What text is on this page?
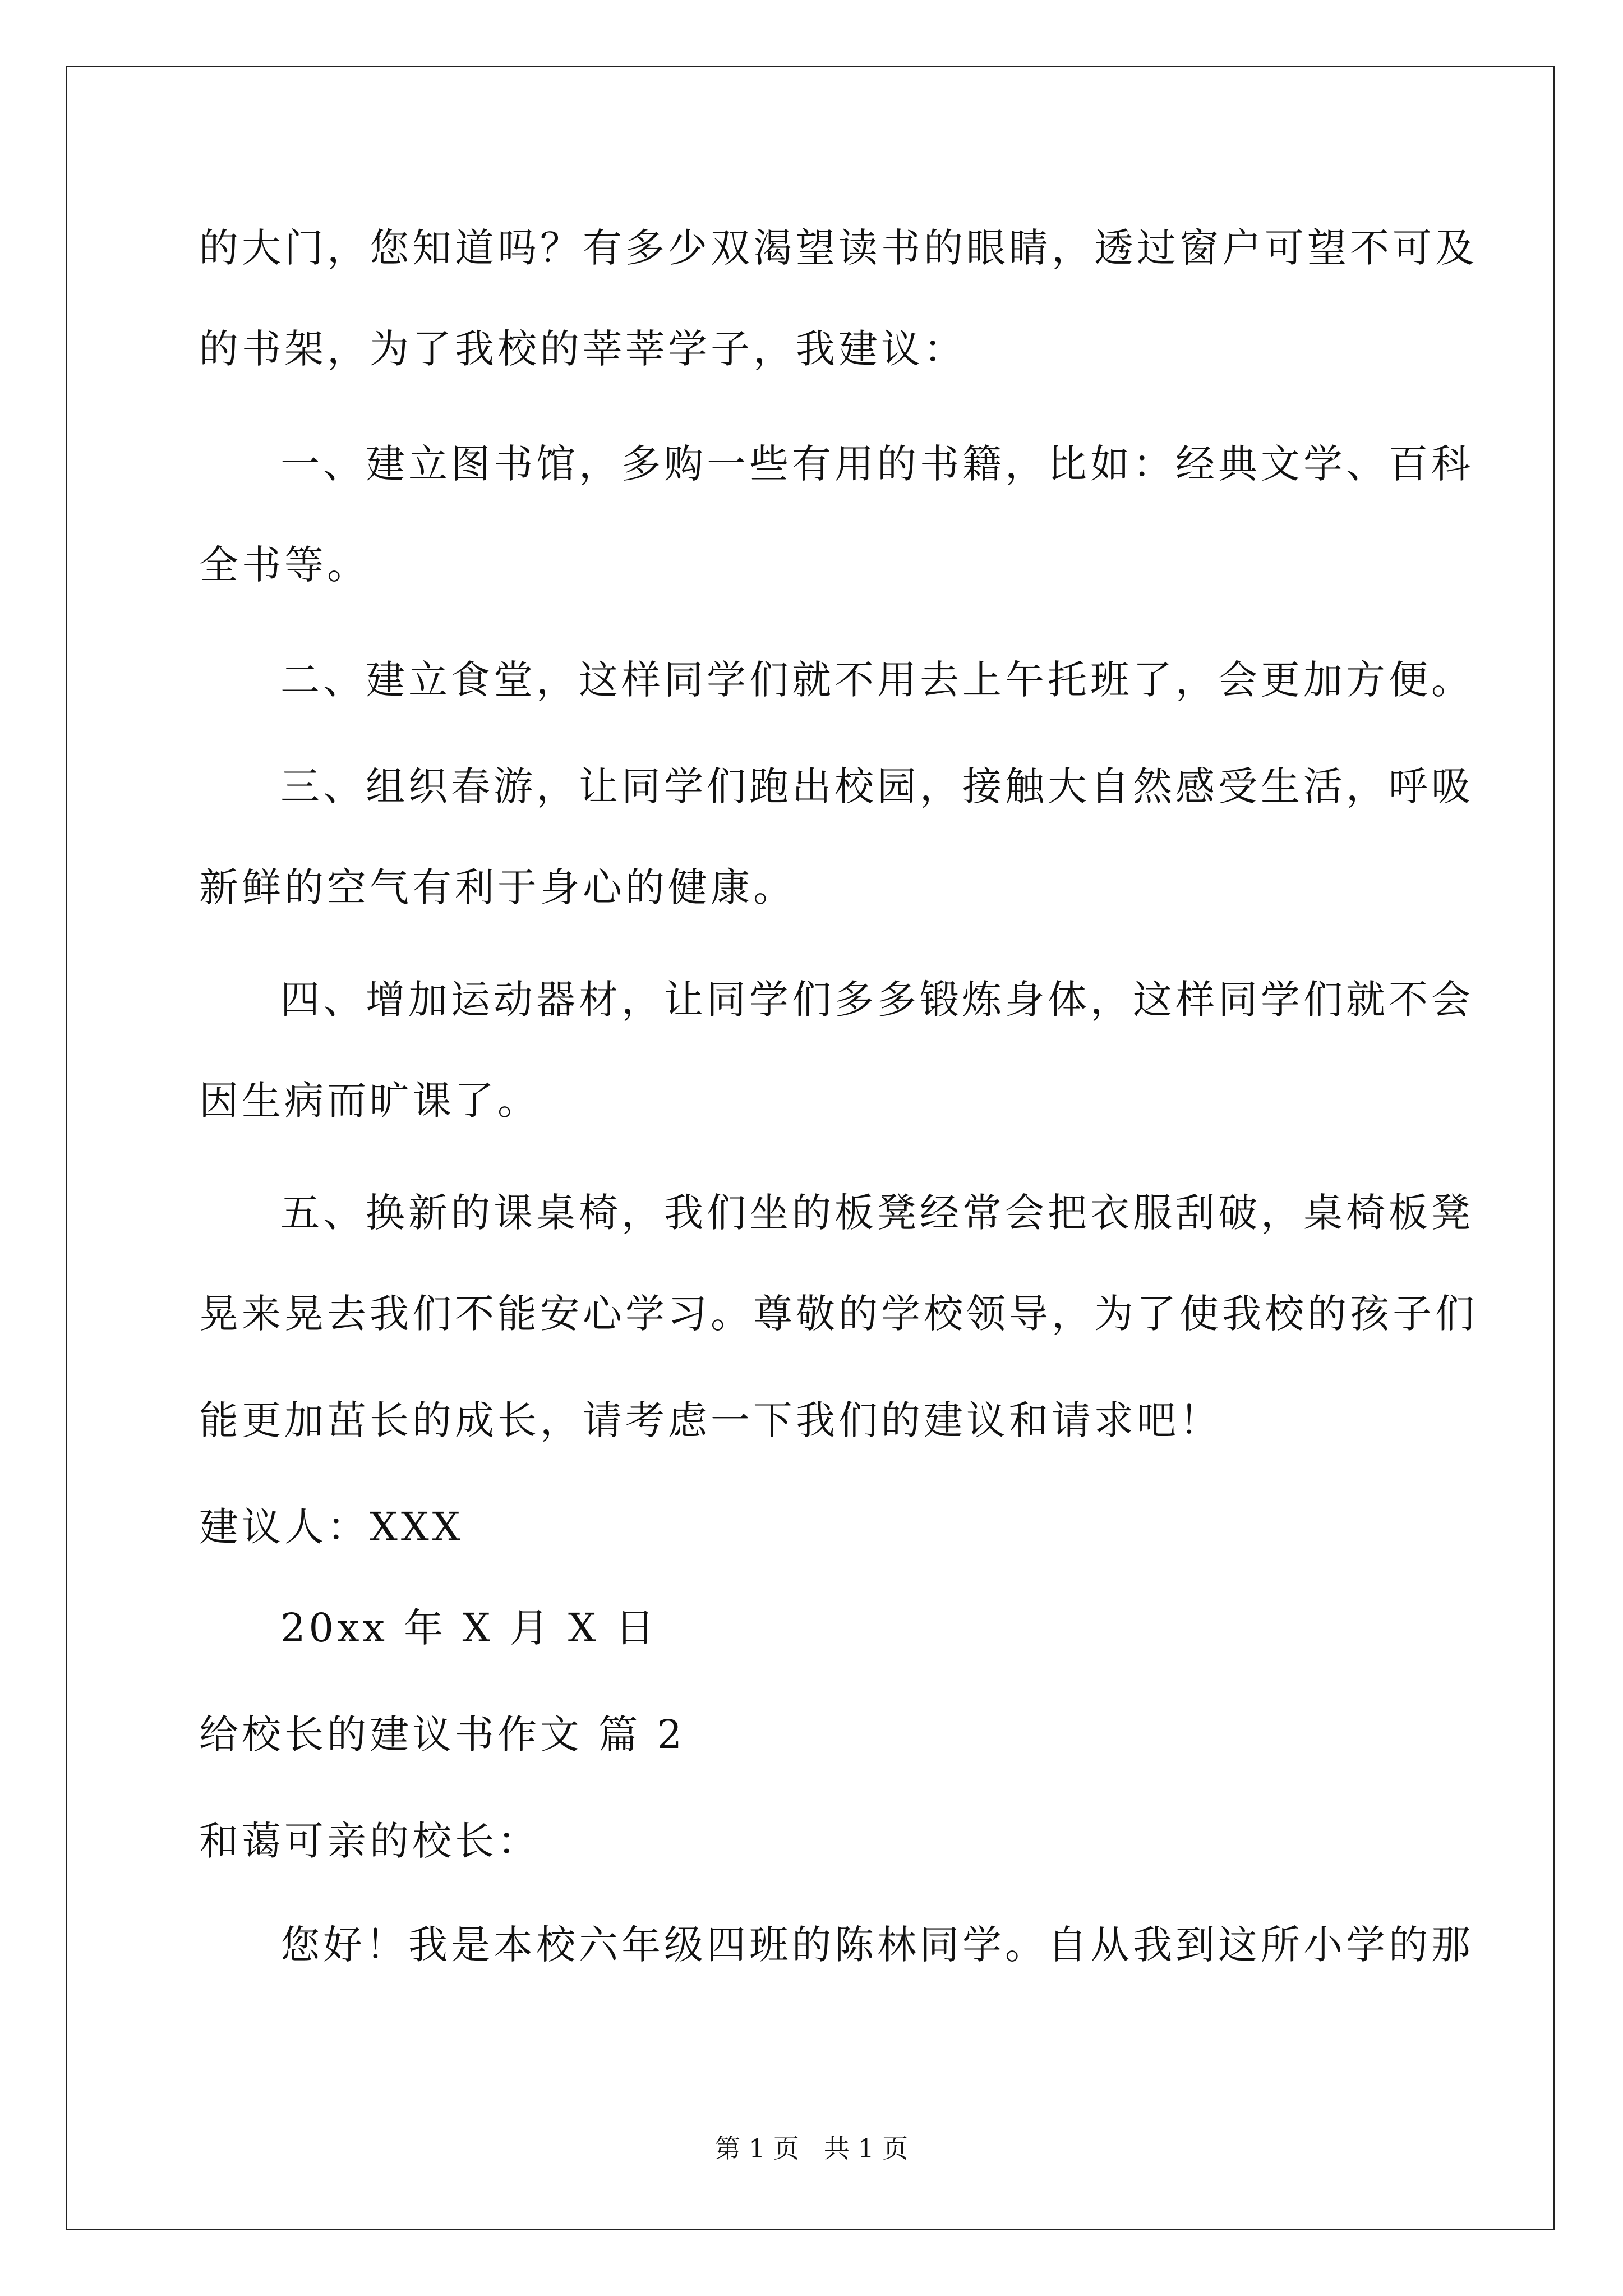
的大门，您知道吗？有多少双渴望读书的眼睛，透过窗户可望不可及
的书架，为了我校的莘莘学子，我建议：
一、建立图书馆，多购一些有用的书籍，比如：经典文学、百科
全书等。
二、建立食堂，这样同学们就不用去上午托班了，会更加方便。
三、组织春游，让同学们跑出校园，接触大自然感受生活，呼吸
新鲜的空气有利于身心的健康。
四、增加运动器材，让同学们多多锻炼身体，这样同学们就不会
因生病而旷课了。
五、换新的课桌椅，我们坐的板凳经常会把衣服刮破，桌椅板凳
晃来晃去我们不能安心学习。尊敬的学校领导，为了使我校的孩子们
能更加茁长的成长，请考虑一下我们的建议和请求吧！
建议人：XXX
20xx 年 X 月 X 日
给校长的建议书作文 篇 2
和蔼可亲的校长：
您好！我是本校六年级四班的陈林同学。自从我到这所小学的那
第 1 页   共 1 页
